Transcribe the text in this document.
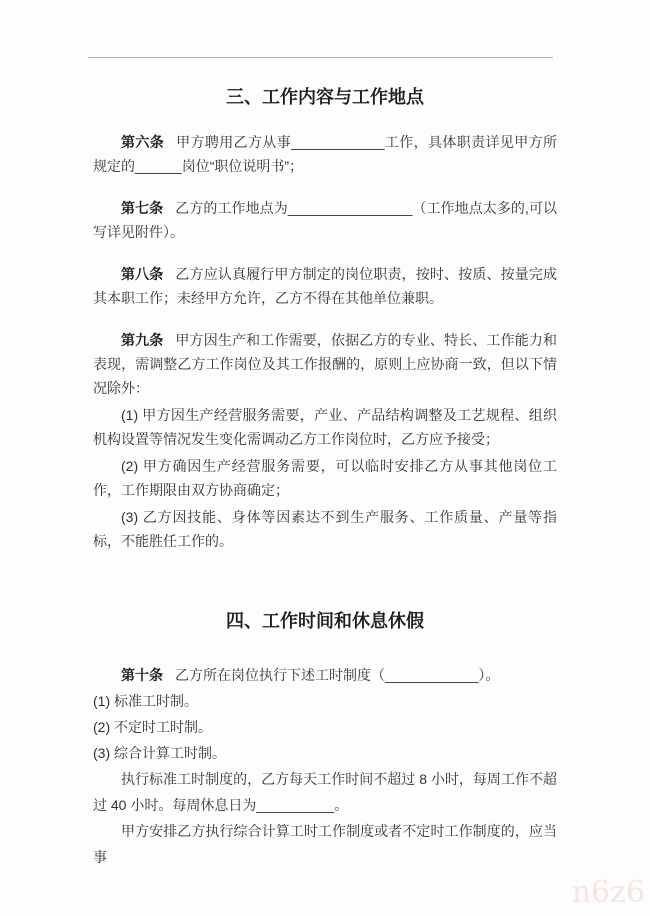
三、工作内容与工作地点

第六条 甲方聘用乙方从事____________工作，具体职责详见甲方所规定的______岗位“职位说明书”；

第七条 乙方的工作地点为________________（工作地点太多的,可以写详见附件）。

第八条 乙方应认真履行甲方制定的岗位职责，按时、按质、按量完成其本职工作；未经甲方允许，乙方不得在其他单位兼职。

第九条 甲方因生产和工作需要，依据乙方的专业、特长、工作能力和表现，需调整乙方工作岗位及其工作报酬的，原则上应协商一致，但以下情况除外：

(1) 甲方因生产经营服务需要，产业、产品结构调整及工艺规程、组织机构设置等情况发生变化需调动乙方工作岗位时，乙方应予接受；

(2) 甲方确因生产经营服务需要，可以临时安排乙方从事其他岗位工作，工作期限由双方协商确定；

(3) 乙方因技能、身体等因素达不到生产服务、工作质量、产量等指标，不能胜任工作的。

四、工作时间和休息休假

第十条 乙方所在岗位执行下述工时制度（____________）。

(1) 标准工时制。

(2) 不定时工时制。

(3) 综合计算工时制。

执行标准工时制度的，乙方每天工作时间不超过 8 小时，每周工作不超过 40 小时。每周休息日为__________。

甲方安排乙方执行综合计算工时工作制度或者不定时工作制度的，应当事

n6z6
